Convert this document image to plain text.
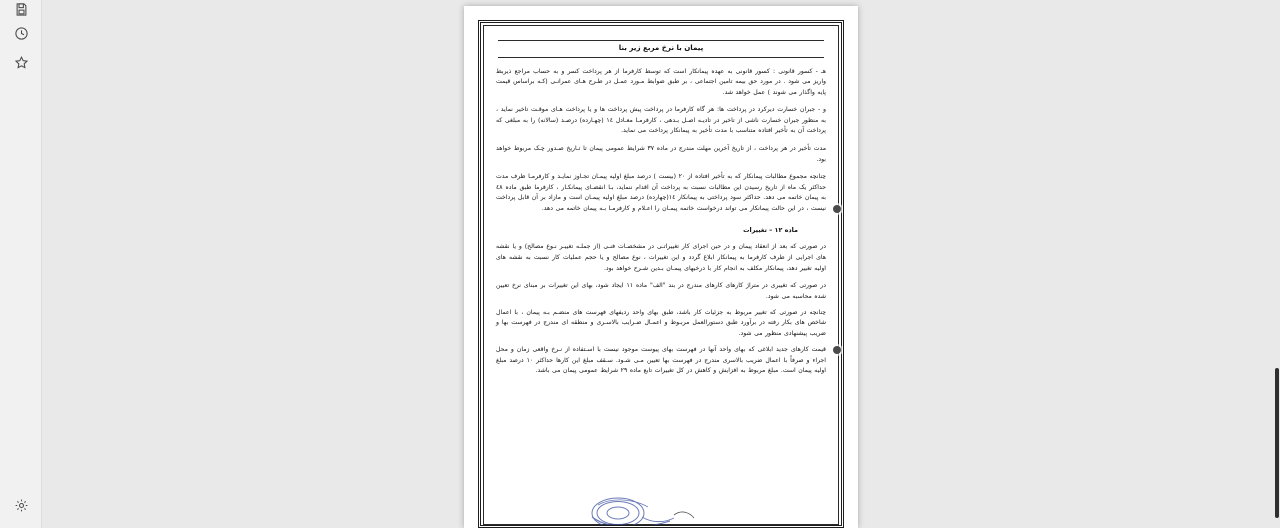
پیمان با نرخ مربع زیر بنا

هـ - کسور قانونی : کسور قانونی به عهده پیمانکار است که توسط کارفرما از هر پرداخت کسر و به حساب مراجع ذیربط واریز می شود . در مورد حق بیمه تامین اجتماعی ، بر طبق ضوابط مـورد عمـل در طـرح هـای عمرانـی (کـه براساس قیمت پایه واگذار می شوند ) عمل خواهد شد.

و - جبران خسارت دیرکرد در پرداخت ها: هر گاه کارفرما در پرداخت پیش پرداخت ها و یا پرداخت هـای موقـت تاخیر نماید ، به منظور جبران خسارت ناشی از تاخیر در تادیـه اصـل بـدهی ، کارفرمـا معـادل ١٤ (چهـارده) درصـد (سالانه) را به مبلغی که پرداخت آن به تأخیر افتاده متناسب با مدت تأخیر به پیمانکار پرداخت می نماید.

مدت تأخیر در هر پرداخت ، از تاریخ آخرین مهلت مندرج در ماده ٣٧ شرایط عمومی پیمان تا تـاریخ صـدور چـک مربوط خواهد بود.

چنانچه مجموع مطالبات پیمانکار که به تأخیر افتاده از ٢٠ (بیست ) درصد مبلغ اولیه پیمـان تجـاوز نمایـد و کارفرمـا ظرف مدت حداکثر یک ماه از تاریخ رسیدن این مطالبات نسبت به پرداخت آن اقدام ننماید، بـا انقضـای پیمانکـار ، کارفرما طبق ماده ٤٨ به پیمان خاتمه می دهد. حداکثر سود پرداختی به پیمانکار ١٤(چهارده) درصد مبلغ اولیه پیمـان است و مازاد بر آن قابل پرداخت نیست ، در این حالت پیمانکار می تواند درخواست خاتمه پیمـان را اعـلام و کارفرمـا بـه پیمان خاتمه می دهد.

ماده ١٢ – تغییرات

در صورتی که بعد از انعقاد پیمان و در حین اجرای کار تغییراتـی در مشخصـات فنـی (از جملـه تغییـر نـوع مصالح) و یا نقشه های اجرایی از طرف کارفرما به پیمانکار ابلاغ گردد و این تغییرات ، نوع مصالح و یا حجم عملیات کار نسبت به نقشه های اولیه تغییر دهد، پیمانکار مکلف به انجام کار با درخیهای پیمـان بـدین شـرح خواهد بود.

در صورتی که تغییری در متراژ کارهای کارهای مندرج در بند "الف" ماده ١١ ایجاد شود، بهای این تغییرات بر مبنای نرخ تعیین شده محاسبه می شود.

چنانچه در صورتی که تغییر مربوط به جزئیات کار باشد، طبق بهای واحد ردیفهای فهرست های منضـم بـه پیمان ، با اعمال شاخص های بکار رفته در برآورد طبق دستورالعمل مربـوط و اعمـال ضـرایب بالاسـری و منطقه ای مندرج در فهرست بها و ضریب پیشنهادی منظور می شود.

قیمت کارهای جدید ابلاغی که بهای واحد آنها در فهرست بهای پیوست موجود نیست با اسـتفاده از نـرخ واقعی زمان و محل اجراء و صرفاً با اعمال ضریب بالاسری مندرج در فهرست بها تعیین مـی شـود. سـقف مبلغ این کارها حداکثر ١٠ درصد مبلغ اولیه پیمان است. مبلغ مربوط به افزایش و کاهش در کل تغییرات تابع ماده ٢٩ شرایط عمومی پیمان می باشد.
